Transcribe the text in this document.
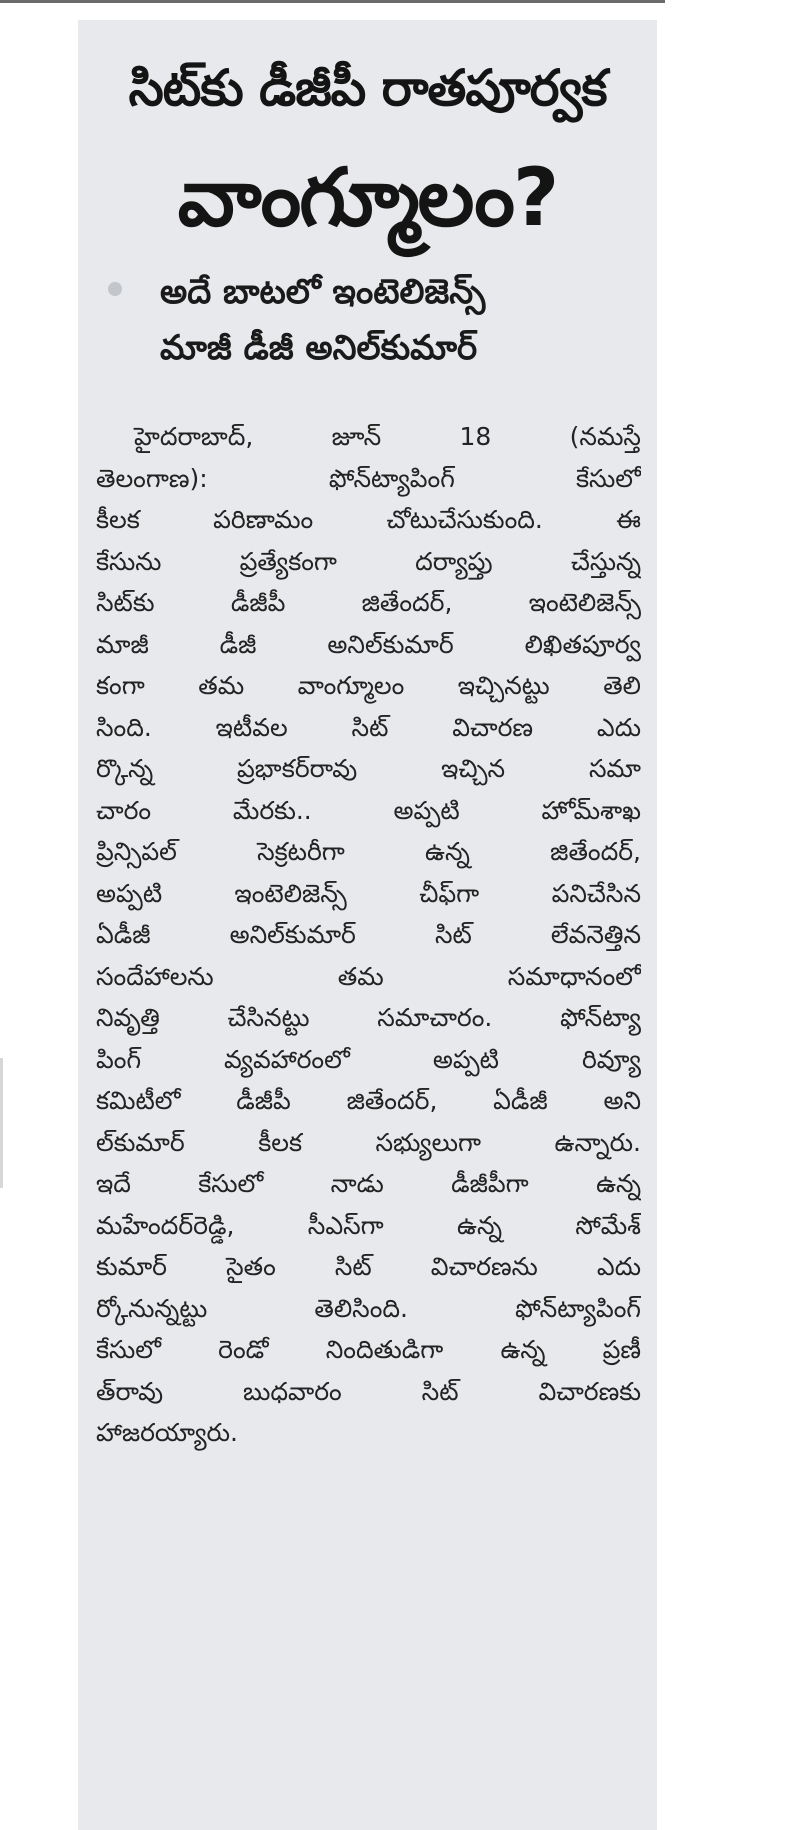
సిట్‌కు డీజీపీ రాతపూర్వక
వాంగ్మూలం?
అదే బాటలో ఇంటెలిజెన్స్
మాజీ డీజీ అనిల్‌కుమార్
హైదరాబాద్, జూన్ 18 (నమస్తే
తెలంగాణ): ఫోన్‌ట్యాపింగ్ కేసులో
కీలక పరిణామం చోటుచేసుకుంది. ఈ
కేసును ప్రత్యేకంగా దర్యాప్తు చేస్తున్న
సిట్‌కు డీజీపీ జితేందర్, ఇంటెలిజెన్స్
మాజీ డీజీ అనిల్‌కుమార్ లిఖితపూర్వ
కంగా తమ వాంగ్మూలం ఇచ్చినట్టు తెలి
సింది. ఇటీవల సిట్ విచారణ ఎదు
ర్కొన్న ప్రభాకర్‌రావు ఇచ్చిన సమా
చారం మేరకు.. అప్పటి హోమ్‌శాఖ
ప్రిన్సిపల్ సెక్రటరీగా ఉన్న జితేందర్,
అప్పటి ఇంటెలిజెన్స్ చీఫ్‌గా పనిచేసిన
ఏడీజీ అనిల్‌కుమార్ సిట్ లేవనెత్తిన
సందేహాలను తమ సమాధానంలో
నివృత్తి చేసినట్టు సమాచారం. ఫోన్‌ట్యా
పింగ్ వ్యవహారంలో అప్పటి రివ్యూ
కమిటీలో డీజీపీ జితేందర్, ఏడీజీ అని
ల్‌కుమార్ కీలక సభ్యులుగా ఉన్నారు.
ఇదే కేసులో నాడు డీజీపీగా ఉన్న
మహేందర్‌రెడ్డి, సీఎస్‌గా ఉన్న సోమేశ్
కుమార్ సైతం సిట్ విచారణను ఎదు
ర్కోనున్నట్టు తెలిసింది. ఫోన్‌ట్యాపింగ్
కేసులో రెండో నిందితుడిగా ఉన్న ప్రణీ
త్‌రావు బుధవారం సిట్ విచారణకు
హాజరయ్యారు.
